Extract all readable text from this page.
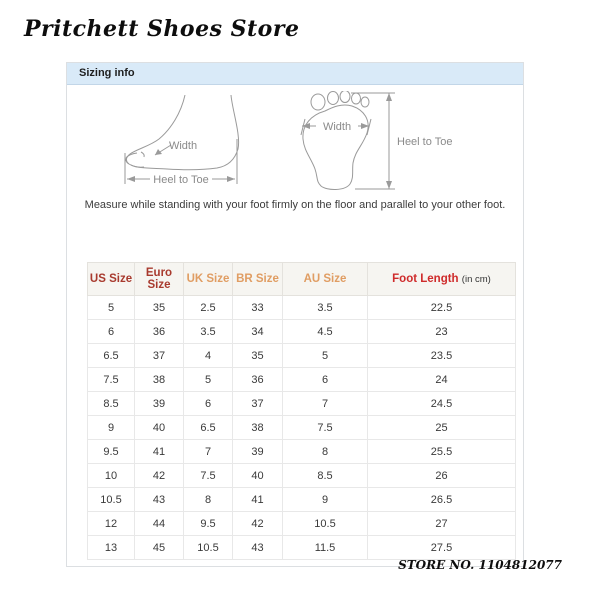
Pritchett Shoes Store
Sizing info
Width
Heel to Toe
Width
Heel to Toe
Measure while standing with your foot firmly on the floor and parallel to your other foot.
US Size	Euro Size	UK Size	BR Size	AU Size	Foot Length (in cm)
5	35	2.5	33	3.5	22.5
6	36	3.5	34	4.5	23
6.5	37	4	35	5	23.5
7.5	38	5	36	6	24
8.5	39	6	37	7	24.5
9	40	6.5	38	7.5	25
9.5	41	7	39	8	25.5
10	42	7.5	40	8.5	26
10.5	43	8	41	9	26.5
12	44	9.5	42	10.5	27
13	45	10.5	43	11.5	27.5
STORE NO. 1104812077
